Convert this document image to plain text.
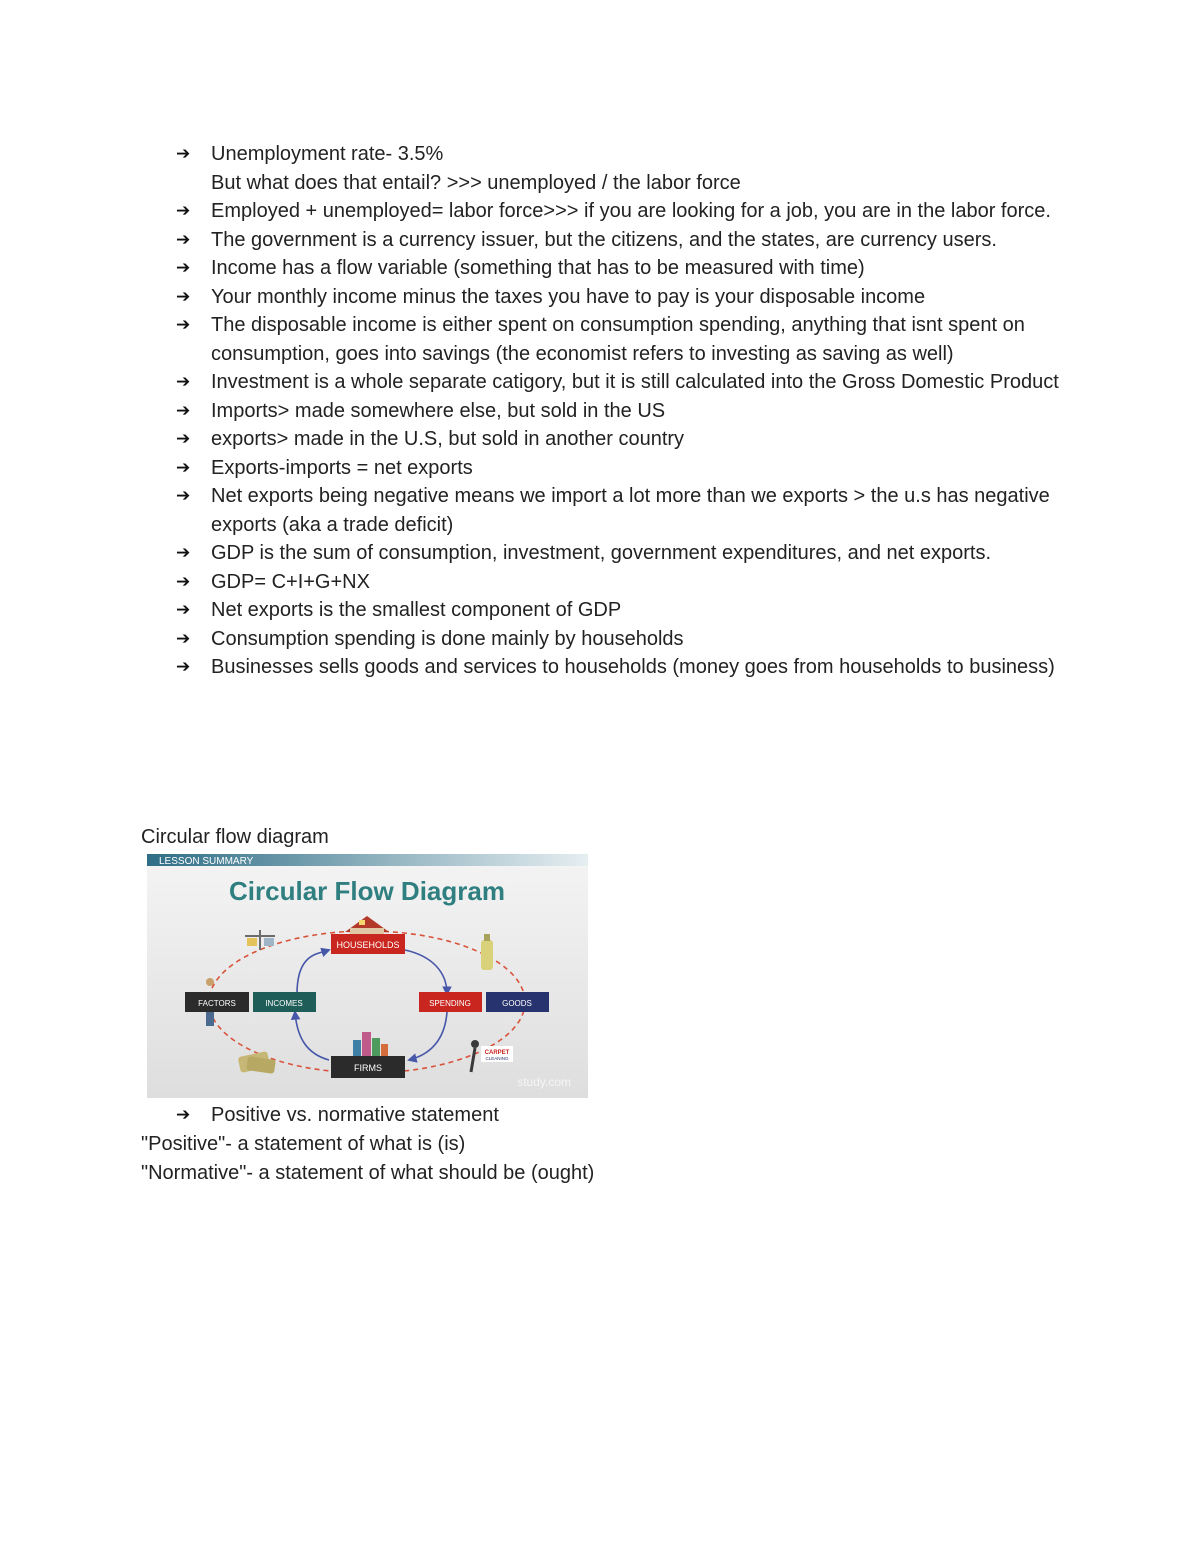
➔ Unemployment rate- 3.5%
But what does that entail? >>> unemployed / the labor force
➔ Employed + unemployed= labor force>>> if you are looking for a job, you are in the labor force.
➔ The government is a currency issuer, but the citizens, and the states, are currency users.
➔ Income has a flow variable (something that has to be measured with time)
➔ Your monthly income minus the taxes you have to pay is your disposable income
➔ The disposable income is either spent on consumption spending, anything that isnt spent on consumption, goes into savings (the economist refers to investing as saving as well)
➔ Investment is a whole separate catigory, but it is still calculated into the Gross Domestic Product
➔ Imports> made somewhere else, but sold in the US
➔ exports> made in the U.S, but sold in another country
➔ Exports-imports = net exports
➔ Net exports being negative means we import a lot more than we exports > the u.s has negative exports (aka a trade deficit)
➔ GDP is the sum of consumption, investment, government expenditures, and net exports.
➔ GDP= C+I+G+NX
➔ Net exports is the smallest component of GDP
➔ Consumption spending is done mainly by households
➔ Businesses sells goods and services to households (money goes from households to business)
Circular flow diagram
LESSON SUMMARY
Circular Flow Diagram
HOUSEHOLDS
FIRMS
FACTORS	INCOMES	SPENDING	GOODS
CARPET
CLEANING
study.com
➔ Positive vs. normative statement
"Positive"- a statement of what is (is)
"Normative"- a statement of what should be (ought)
